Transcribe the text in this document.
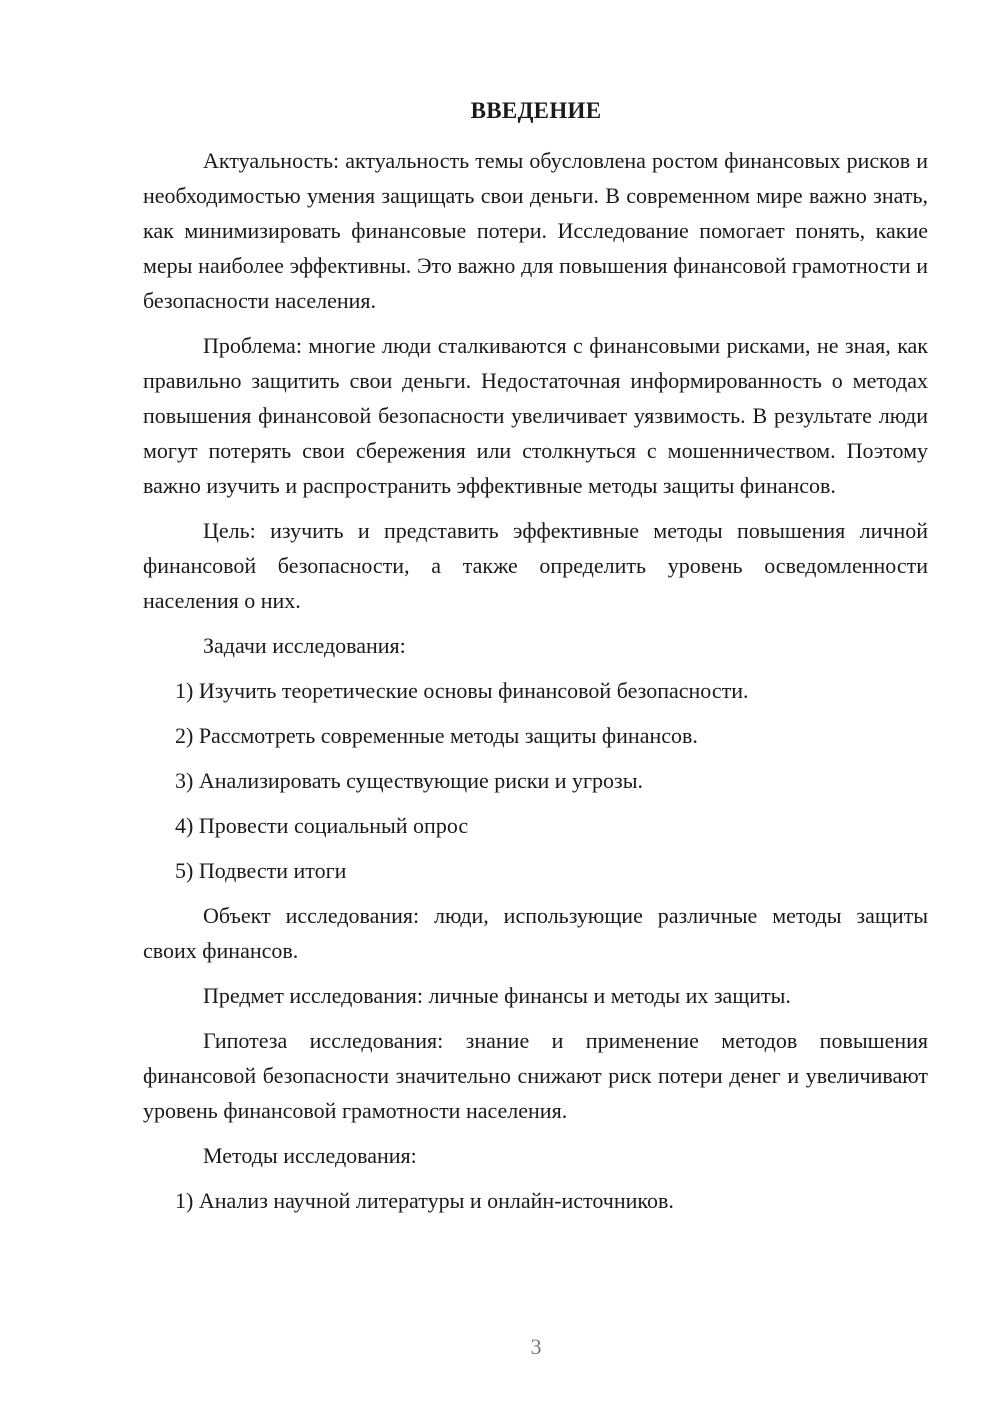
ВВЕДЕНИЕ

Актуальность: актуальность темы обусловлена ростом финансовых рисков и необходимостью умения защищать свои деньги. В современном мире важно знать, как минимизировать финансовые потери. Исследование помогает понять, какие меры наиболее эффективны. Это важно для повышения финансовой грамотности и безопасности населения.

Проблема: многие люди сталкиваются с финансовыми рисками, не зная, как правильно защитить свои деньги. Недостаточная информированность о методах повышения финансовой безопасности увеличивает уязвимость. В результате люди могут потерять свои сбережения или столкнуться с мошенничеством. Поэтому важно изучить и распространить эффективные методы защиты финансов.

Цель: изучить и представить эффективные методы повышения личной финансовой безопасности, а также определить уровень осведомленности населения о них.

Задачи исследования:

1) Изучить теоретические основы финансовой безопасности.
2) Рассмотреть современные методы защиты финансов.
3) Анализировать существующие риски и угрозы.
4) Провести социальный опрос
5) Подвести итоги

Объект исследования: люди, использующие различные методы защиты своих финансов.

Предмет исследования: личные финансы и методы их защиты.

Гипотеза исследования: знание и применение методов повышения финансовой безопасности значительно снижают риск потери денег и увеличивают уровень финансовой грамотности населения.

Методы исследования:

1) Анализ научной литературы и онлайн-источников.
3
